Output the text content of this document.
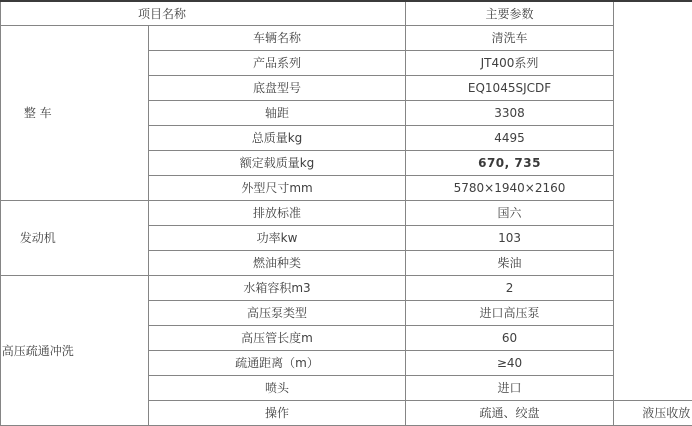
项目名称		主要参数	

整 车	车辆名称	清洗车	
	产品系列	JT400系列	
	底盘型号	EQ1045SJCDF	
	轴距	3308	
	总质量kg	4495	
	额定载质量kg	670, 735	
	外型尺寸mm	5780×1940×2160	

发动机	排放标准	国六	
	功率kw	103	
	燃油种类	柴油	

高压疏通冲洗	水箱容积m3	2	
	高压泵类型	进口高压泵	
	高压管长度m	60	
	疏通距离（m）	≥40	
	喷头	进口	
	操作	疏通、绞盘	液压收放
